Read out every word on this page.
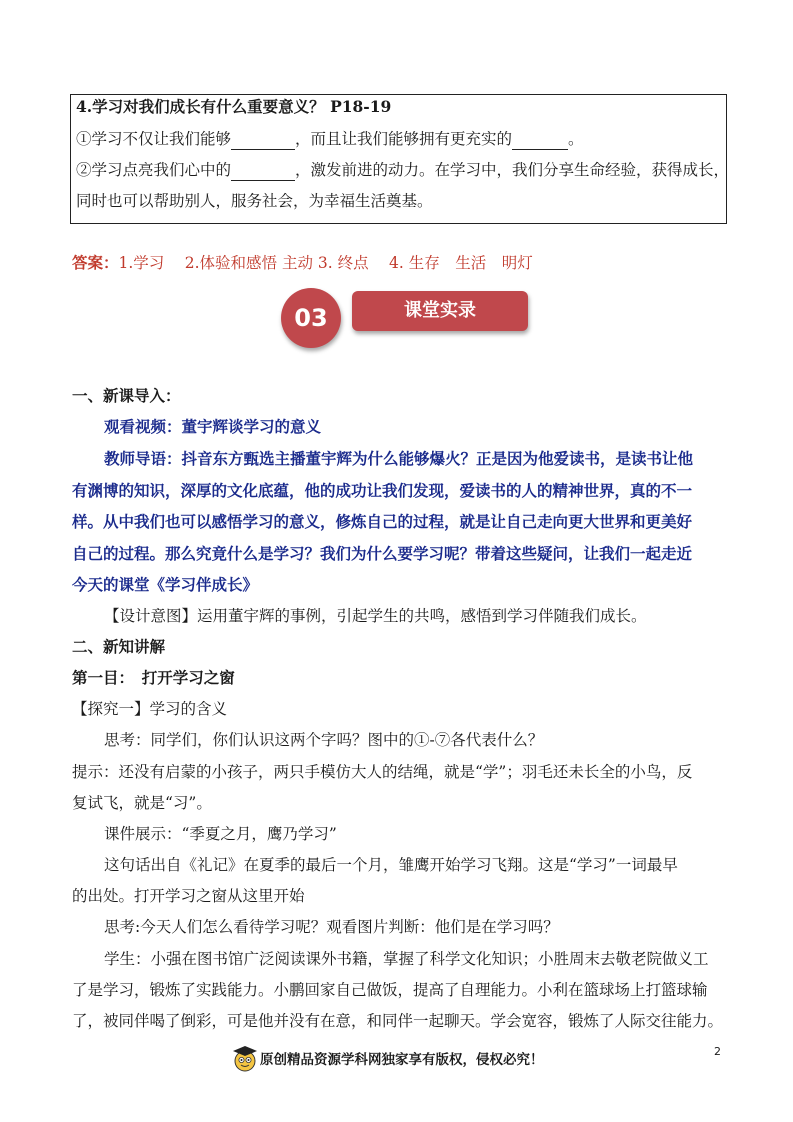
4.学习对我们成长有什么重要意义？ P18-19
①学习不仅让我们能够	，而且让我们能够拥有更充实的	。
②学习点亮我们心中的	，激发前进的动力。在学习中，我们分享生命经验，获得成长，
同时也可以帮助别人，服务社会，为幸福生活奠基。
答案：1.学习　 2.体验和感悟 主动 3. 终点　 4. 生存　生活　明灯
课堂实录
03
一、新课导入：
观看视频：董宇辉谈学习的意义
教师导语：抖音东方甄选主播董宇辉为什么能够爆火？正是因为他爱读书，是读书让他
有渊博的知识，深厚的文化底蕴，他的成功让我们发现，爱读书的人的精神世界，真的不一
样。从中我们也可以感悟学习的意义，修炼自己的过程，就是让自己走向更大世界和更美好
自己的过程。那么究竟什么是学习？我们为什么要学习呢？带着这些疑问，让我们一起走近
今天的课堂《学习伴成长》
【设计意图】运用董宇辉的事例，引起学生的共鸣，感悟到学习伴随我们成长。
二、新知讲解
第一目：　打开学习之窗
【探究一】学习的含义
思考：同学们，你们认识这两个字吗？图中的①-⑦各代表什么？
提示：还没有启蒙的小孩子，两只手模仿大人的结绳，就是“学”；羽毛还未长全的小鸟，反
复试飞，就是“习”。
课件展示：“季夏之月，鹰乃学习”
这句话出自《礼记》在夏季的最后一个月，雏鹰开始学习飞翔。这是“学习”一词最早
的出处。打开学习之窗从这里开始
思考:今天人们怎么看待学习呢？观看图片判断：他们是在学习吗？
学生：小强在图书馆广泛阅读课外书籍，掌握了科学文化知识；小胜周末去敬老院做义工
了是学习，锻炼了实践能力。小鹏回家自己做饭，提高了自理能力。小利在篮球场上打篮球输
了，被同伴喝了倒彩，可是他并没有在意，和同伴一起聊天。学会宽容，锻炼了人际交往能力。
2
原创精品资源学科网独家享有版权，侵权必究！
